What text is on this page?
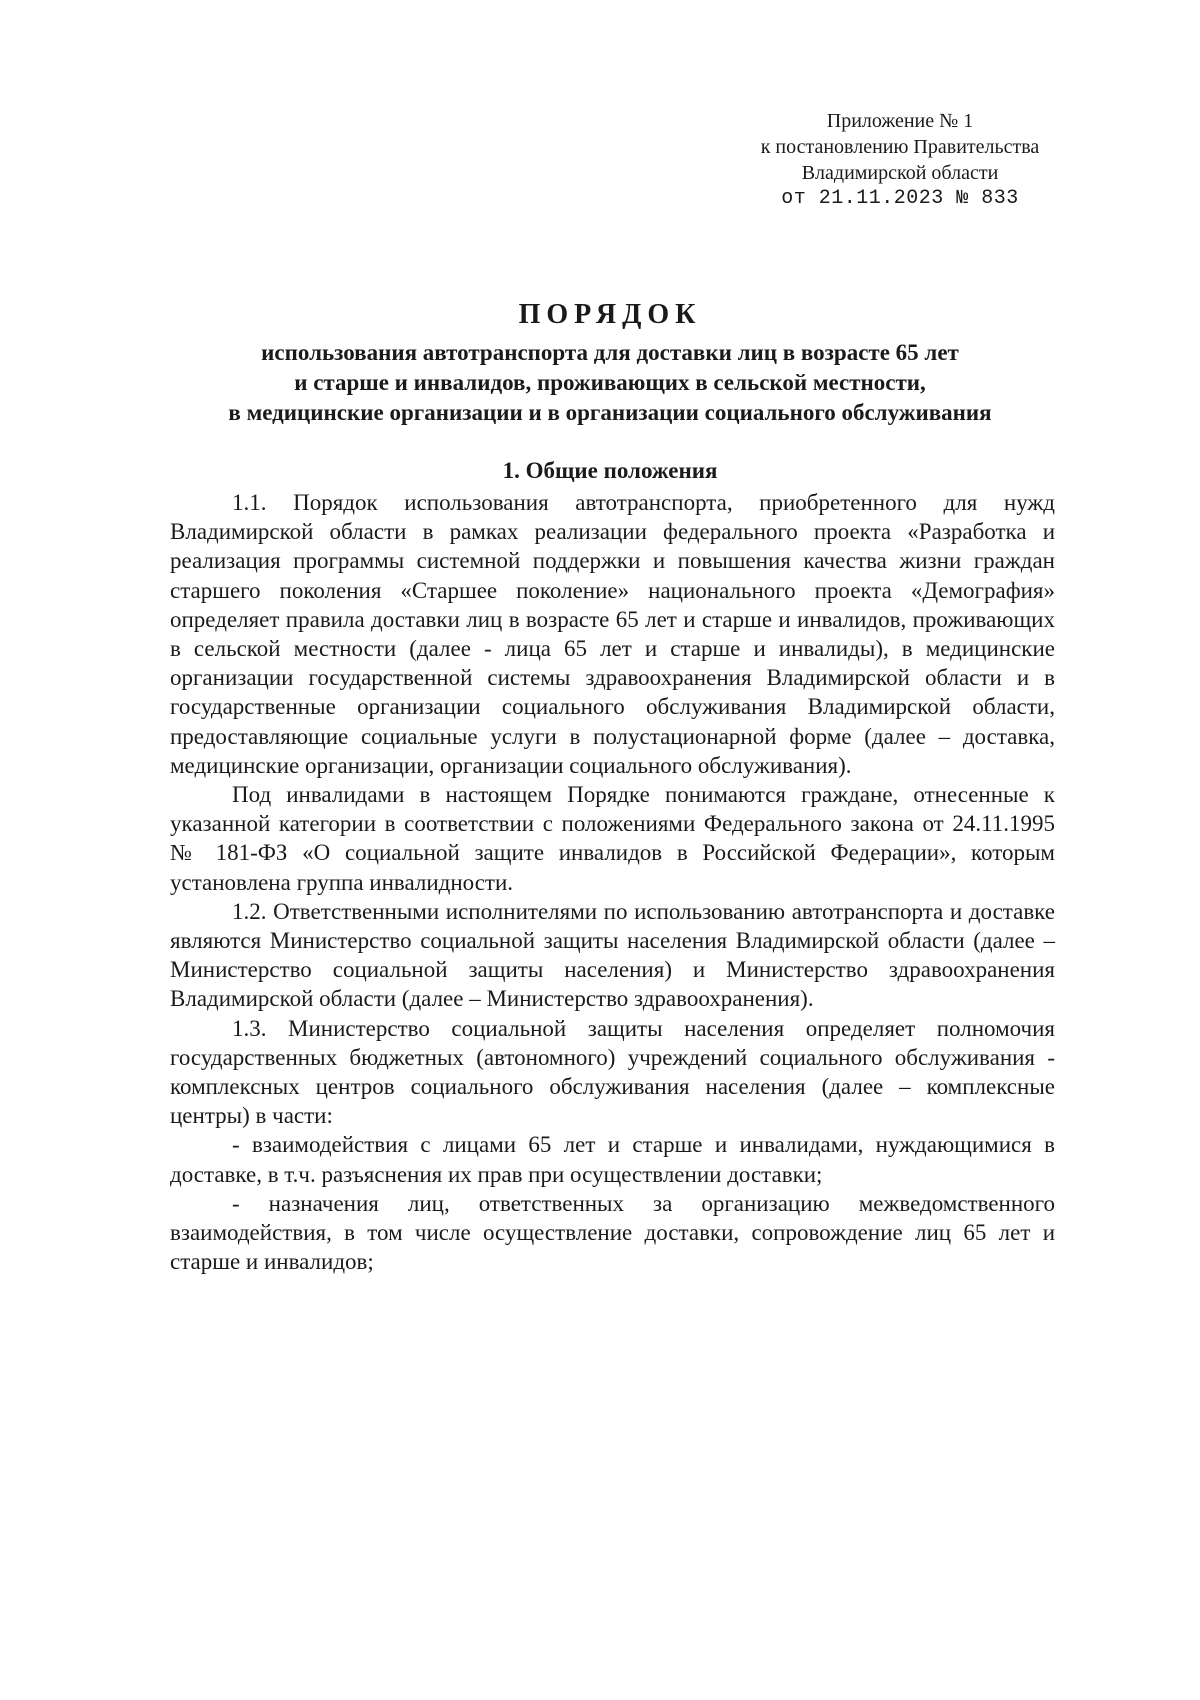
Приложение № 1
к постановлению Правительства
Владимирской области
от 21.11.2023 № 833
ПОРЯДОК
использования автотранспорта для доставки лиц в возрасте 65 лет
и старше и инвалидов, проживающих в сельской местности,
в медицинские организации и в организации социального обслуживания
1. Общие положения

1.1. Порядок использования автотранспорта, приобретенного для нужд Владимирской области в рамках реализации федерального проекта «Разработка и реализация программы системной поддержки и повышения качества жизни граждан старшего поколения «Старшее поколение» национального проекта «Демография» определяет правила доставки лиц в возрасте 65 лет и старше и инвалидов, проживающих в сельской местности (далее - лица 65 лет и старше и инвалиды), в медицинские организации государственной системы здравоохранения Владимирской области и в государственные организации социального обслуживания Владимирской области, предоставляющие социальные услуги в полустационарной форме (далее – доставка, медицинские организации, организации социального обслуживания).

Под инвалидами в настоящем Порядке понимаются граждане, отнесенные к указанной категории в соответствии с положениями Федерального закона от 24.11.1995 № 181-ФЗ «О социальной защите инвалидов в Российской Федерации», которым установлена группа инвалидности.

1.2. Ответственными исполнителями по использованию автотранспорта и доставке являются Министерство социальной защиты населения Владимирской области (далее – Министерство социальной защиты населения) и Министерство здравоохранения Владимирской области (далее – Министерство здравоохранения).

1.3. Министерство социальной защиты населения определяет полномочия государственных бюджетных (автономного) учреждений социального обслуживания - комплексных центров социального обслуживания населения (далее – комплексные центры) в части:

- взаимодействия с лицами 65 лет и старше и инвалидами, нуждающимися в доставке, в т.ч. разъяснения их прав при осуществлении доставки;

- назначения лиц, ответственных за организацию межведомственного взаимодействия, в том числе осуществление доставки, сопровождение лиц 65 лет и старше и инвалидов;
